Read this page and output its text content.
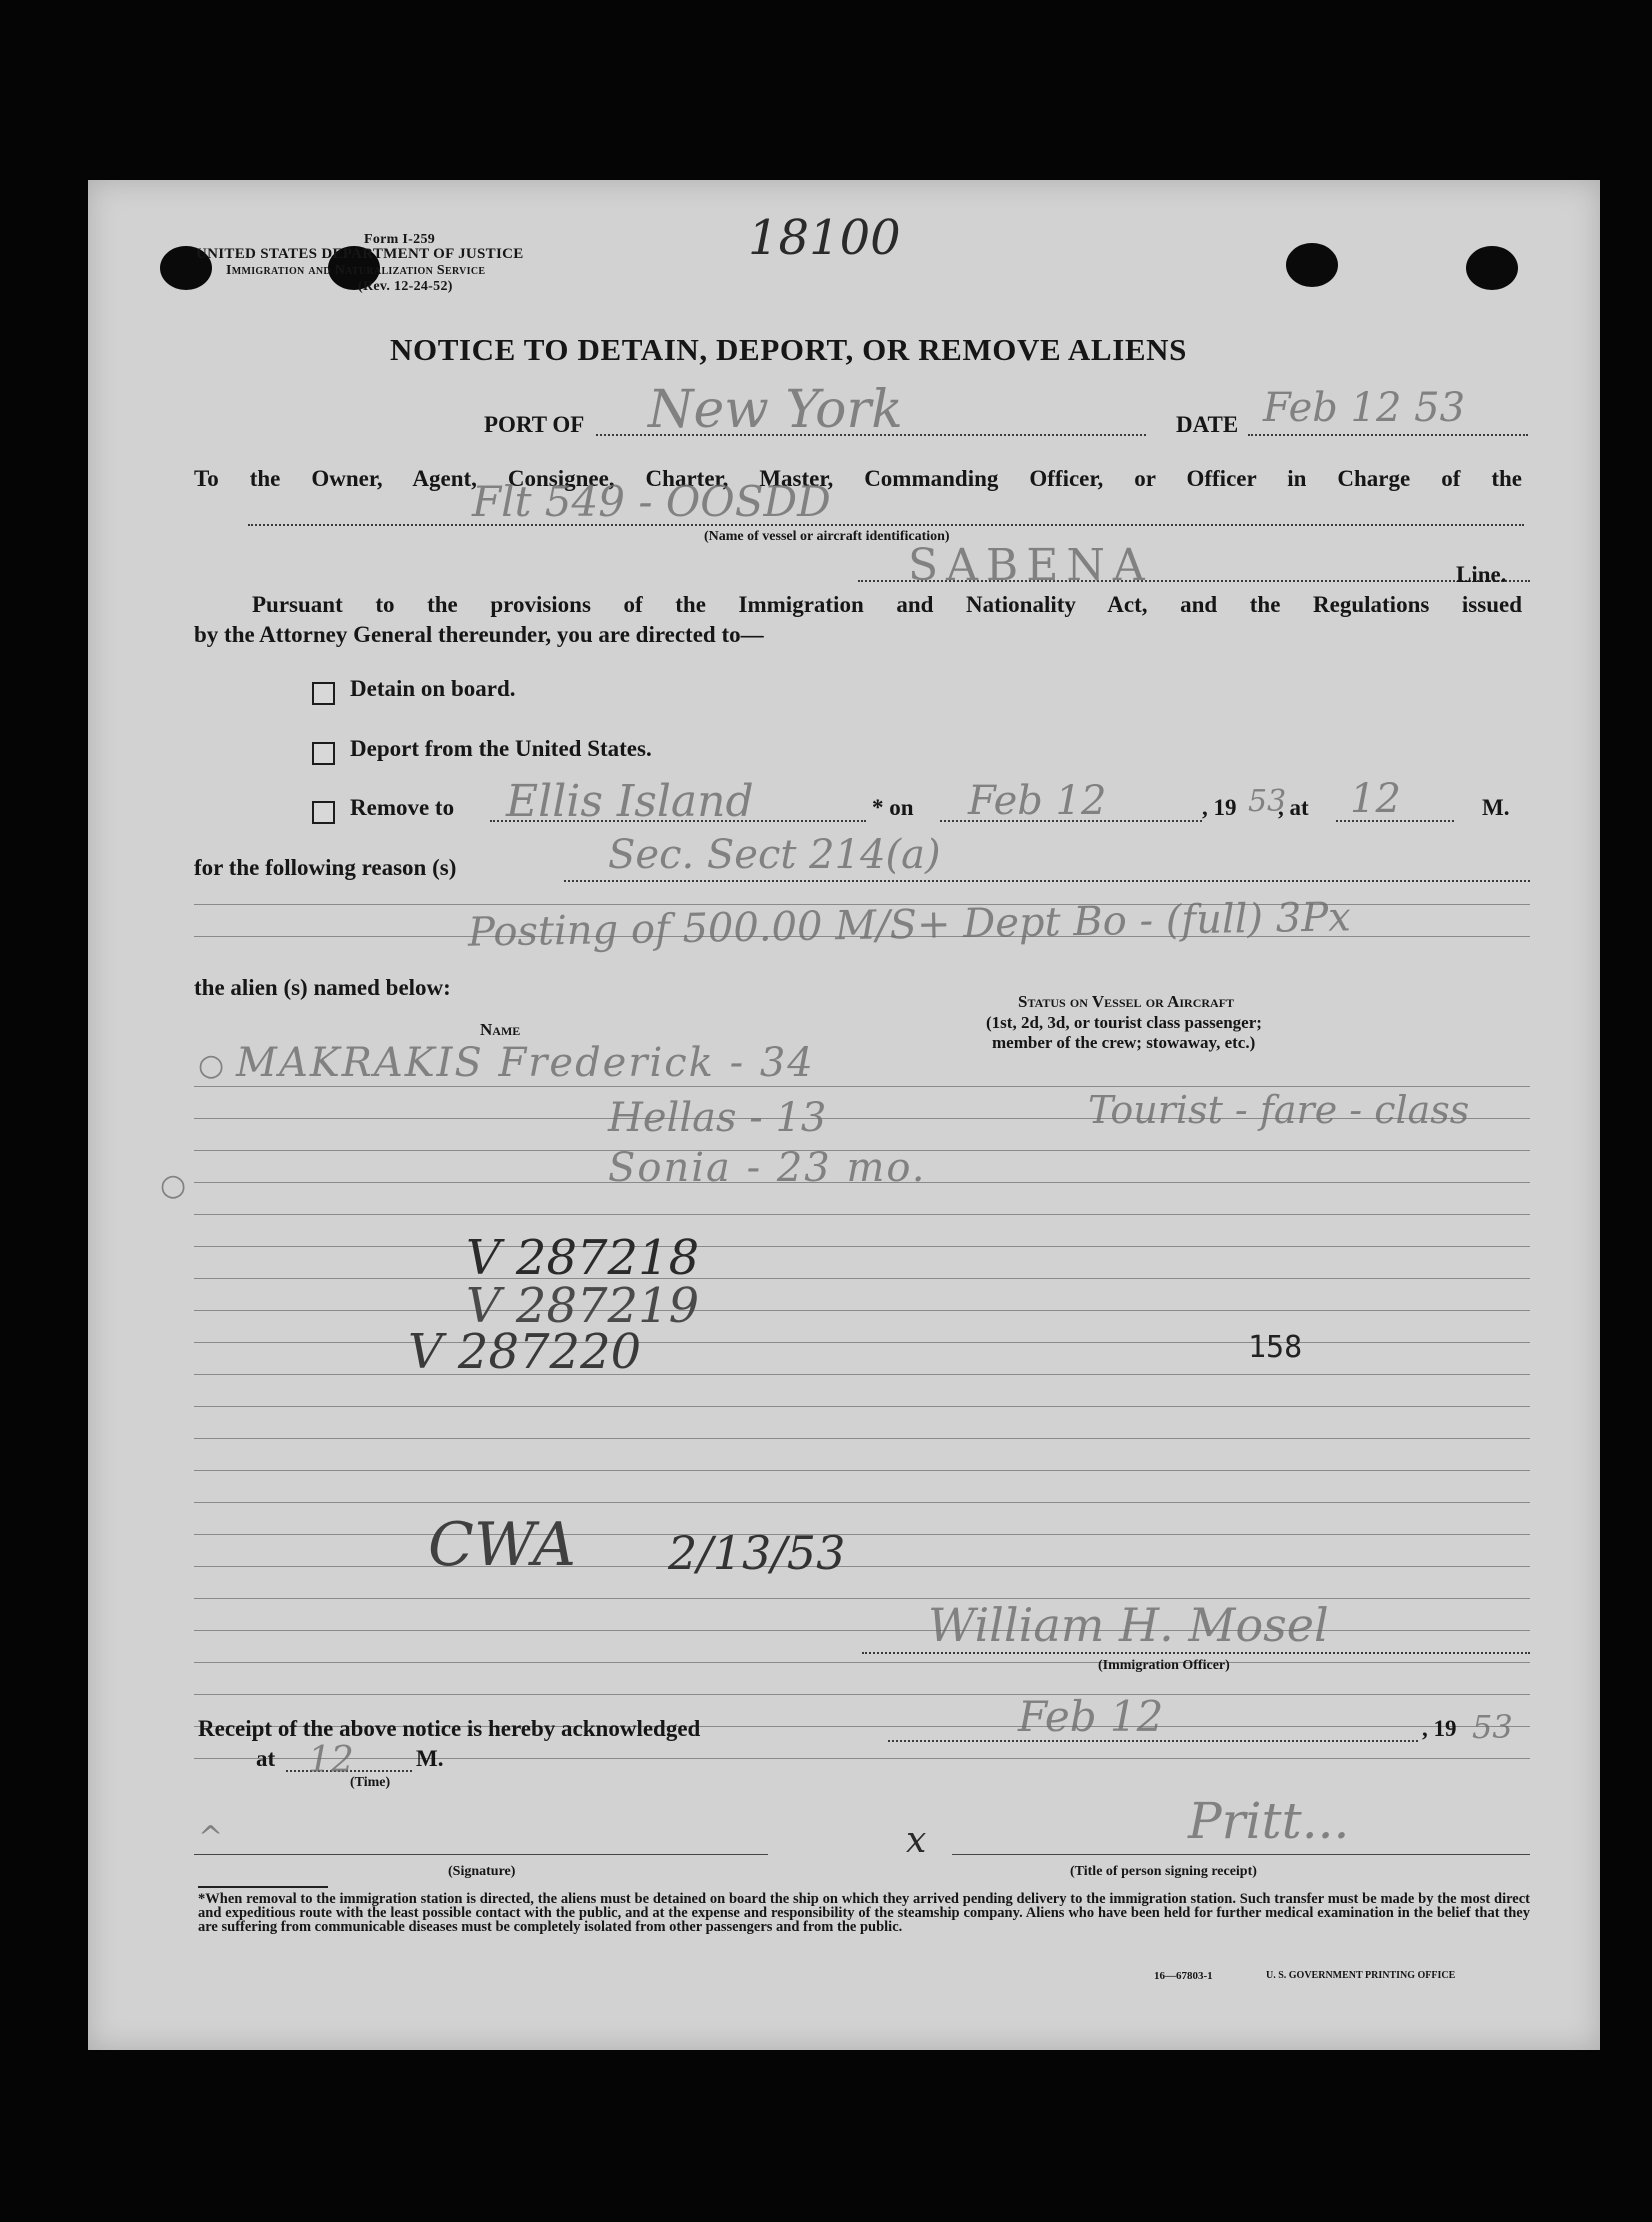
Form I-259
UNITED STATES DEPARTMENT OF JUSTICE
Immigration and Naturalization Service
(Rev. 12-24-52)
18100
NOTICE TO DETAIN, DEPORT, OR REMOVE ALIENS
PORT OF New York	DATE Feb 12 53
To the Owner, Agent, Consignee, Charter, Master, Commanding Officer, or Officer in Charge of the
Flt 549 - OOSDD
(Name of vessel or aircraft identification)
SABENA	Line.
Pursuant to the provisions of the Immigration and Nationality Act, and the Regulations issued
by the Attorney General thereunder, you are directed to—
Detain on board.
Deport from the United States.
Remove to Ellis Island	* on Feb 12	, 19 53
, at 12	M.
for the following reason (s)	Sec. Sect 214(a)
Posting of 500.00 M/S+ Dept Bo - (full) 3Px
the alien (s) named below:
Name
Status on Vessel or Aircraft
(1st, 2d, 3d, or tourist class passenger;
member of the crew; stowaway, etc.)
○ MAKRAKIS Frederick - 34
Tourist - fare - class
Hellas - 13
○	Sonia - 23 mo.
V 287218
V 287219
V 287220	158
CWA 2/13/53
William H. Mosel
(Immigration Officer)
Receipt of the above notice is hereby acknowledged	Feb 12	, 19 53
at 12	M.
(Time)
^
(Signature)
x	Pritt...
(Title of person signing receipt)
*When removal to the immigration station is directed, the aliens must be detained on board the ship on which they arrived pending delivery to the immigration station. Such transfer must be made by the most direct and expeditious route with the least possible contact with the public, and at the expense and responsibility of the steamship company. Aliens who have been held for further medical examination in the belief that they are suffering from communicable diseases must be completely isolated from other passengers and from the public.
16—67803-1	U. S. GOVERNMENT PRINTING OFFICE
